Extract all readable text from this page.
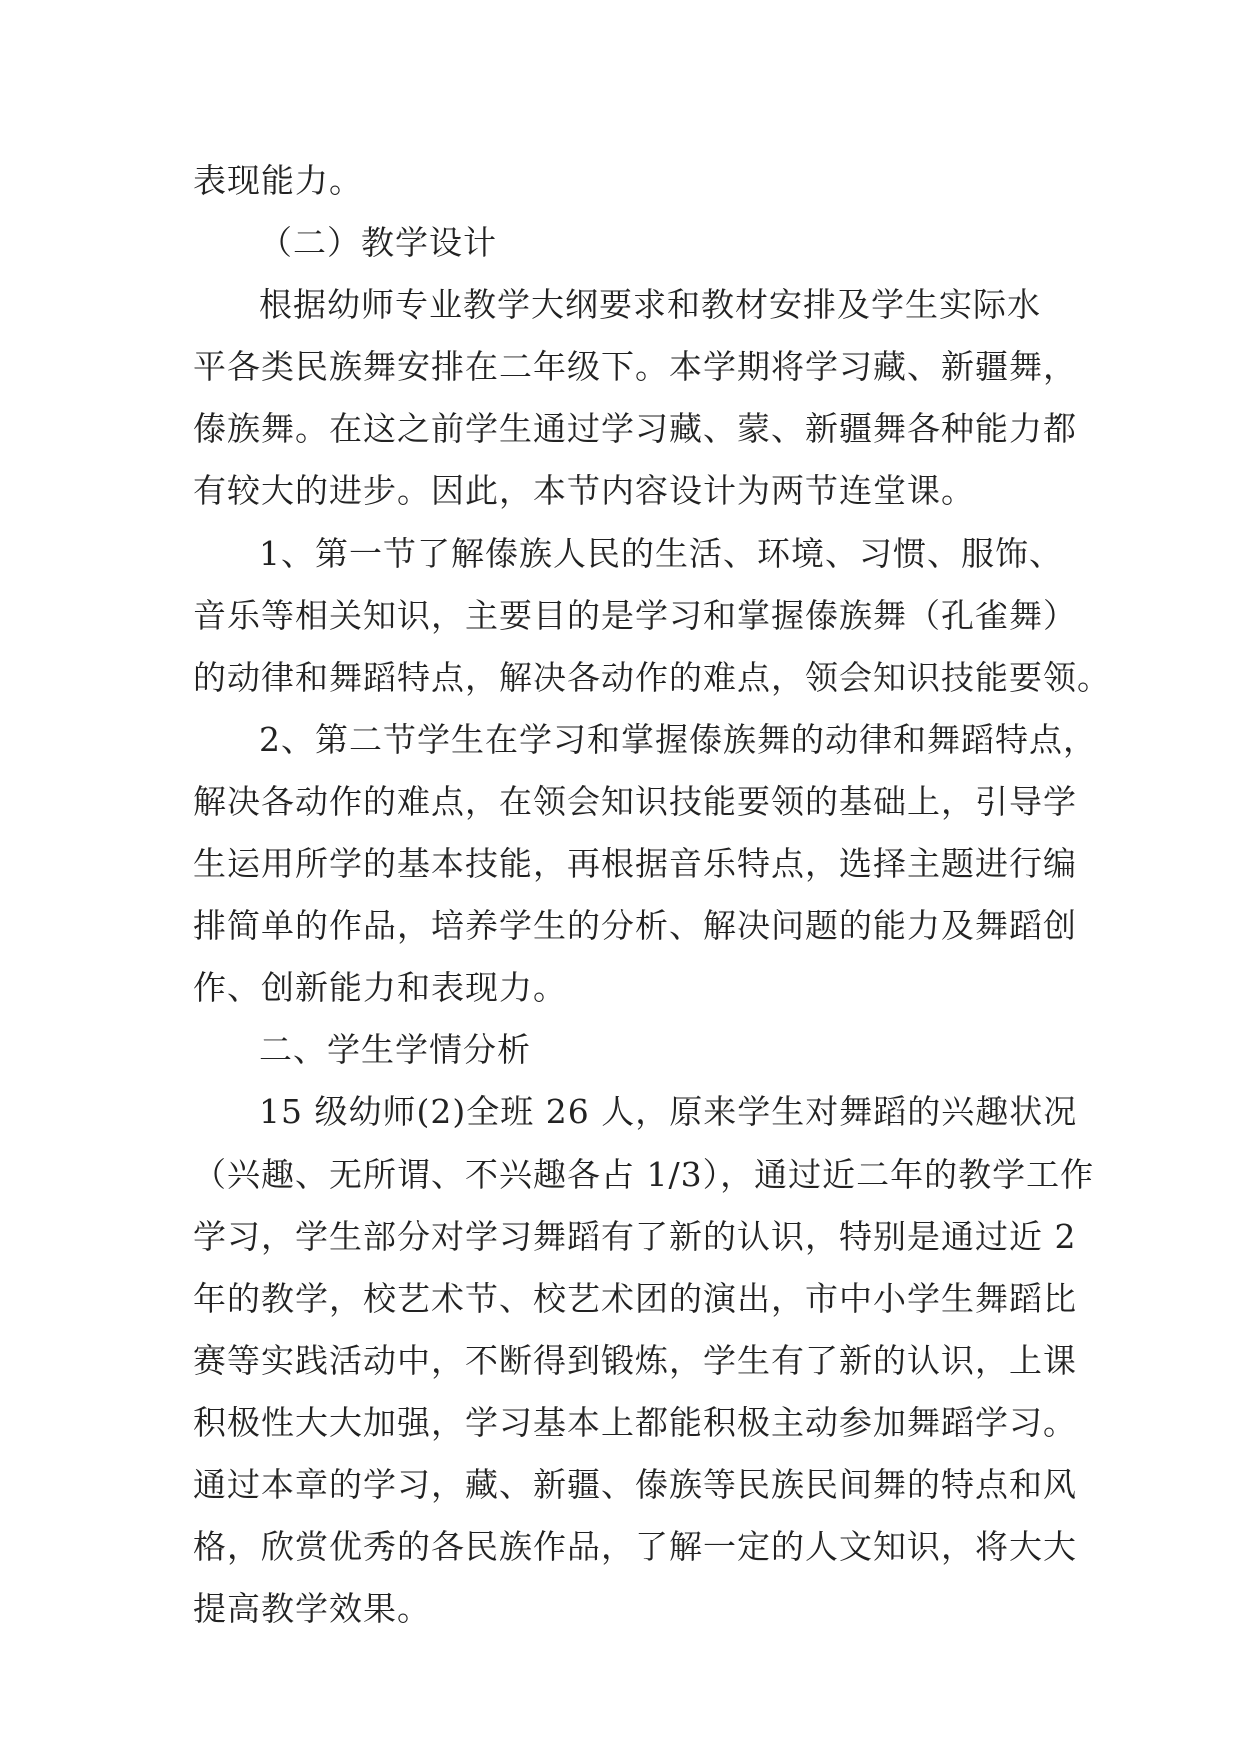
表现能力。
（二）教学设计
根据幼师专业教学大纲要求和教材安排及学生实际水
平各类民族舞安排在二年级下。本学期将学习藏、新疆舞，
傣族舞。在这之前学生通过学习藏、蒙、新疆舞各种能力都
有较大的进步。因此，本节内容设计为两节连堂课。
1、第一节了解傣族人民的生活、环境、习惯、服饰、
音乐等相关知识，主要目的是学习和掌握傣族舞（孔雀舞）
的动律和舞蹈特点，解决各动作的难点，领会知识技能要领。
2、第二节学生在学习和掌握傣族舞的动律和舞蹈特点，
解决各动作的难点，在领会知识技能要领的基础上，引导学
生运用所学的基本技能，再根据音乐特点，选择主题进行编
排简单的作品，培养学生的分析、解决问题的能力及舞蹈创
作、创新能力和表现力。
二、学生学情分析
15 级幼师(2)全班 26 人，原来学生对舞蹈的兴趣状况
（兴趣、无所谓、不兴趣各占 1/3），通过近二年的教学工作
学习，学生部分对学习舞蹈有了新的认识，特别是通过近 2
年的教学，校艺术节、校艺术团的演出，市中小学生舞蹈比
赛等实践活动中，不断得到锻炼，学生有了新的认识，上课
积极性大大加强，学习基本上都能积极主动参加舞蹈学习。
通过本章的学习，藏、新疆、傣族等民族民间舞的特点和风
格，欣赏优秀的各民族作品，了解一定的人文知识，将大大
提高教学效果。
